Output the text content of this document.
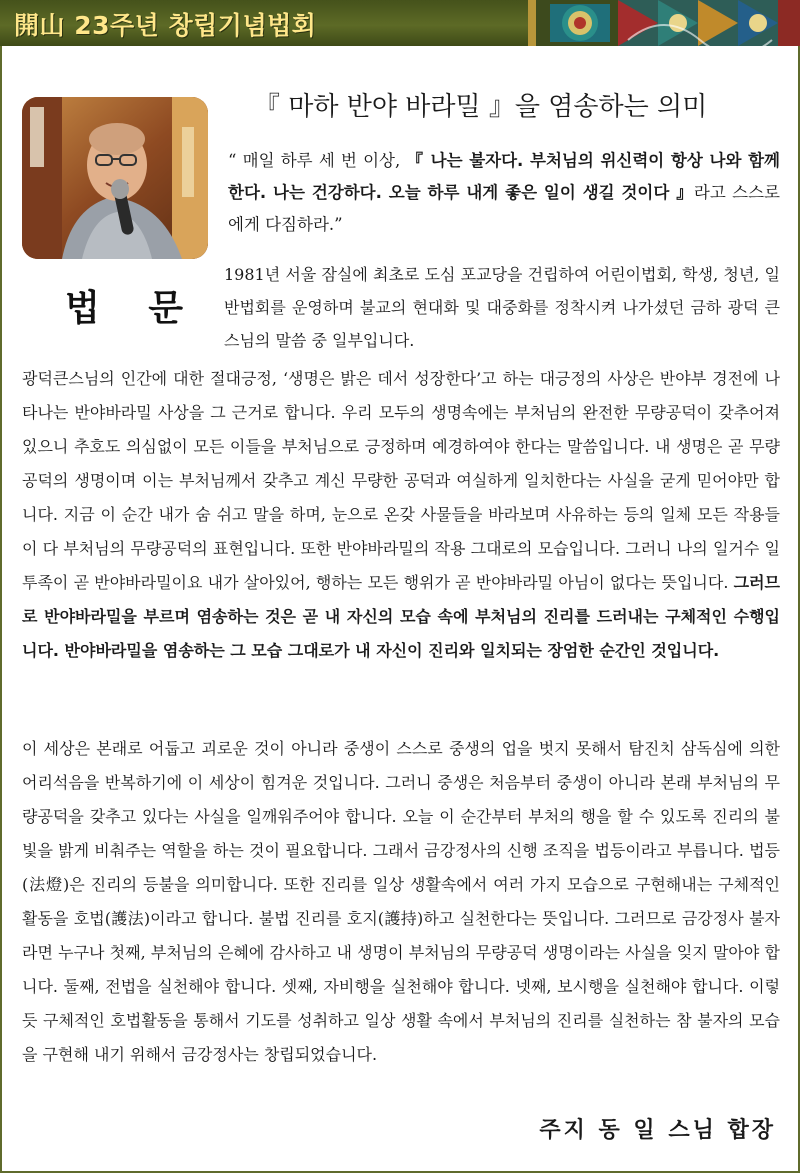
開山 23주년 창립기념법회
법 문
『 마하 반야 바라밀 』을 염송하는 의미
“ 매일 하루 세 번 이상, 『 나는 불자다. 부처님의 위신력이 항상 나와 함께 한다. 나는 건강하다. 오늘 하루 내게 좋은 일이 생길 것이다 』라고 스스로에게 다짐하라.”
1981년 서울 잠실에 최초로 도심 포교당을 건립하여 어린이법회, 학생, 청년, 일반법회를 운영하며 불교의 현대화 및 대중화를 정착시켜 나가셨던 금하 광덕 큰스님의 말씀 중 일부입니다.
광덕큰스님의 인간에 대한 절대긍정, ‘생명은 밝은 데서 성장한다’고 하는 대긍정의 사상은 반야부 경전에 나타나는 반야바라밀 사상을 그 근거로 합니다. 우리 모두의 생명속에는 부처님의 완전한 무량공덕이 갖추어져 있으니 추호도 의심없이 모든 이들을 부처님으로 긍정하며 예경하여야 한다는 말씀입니다. 내 생명은 곧 무량공덕의 생명이며 이는 부처님께서 갖추고 계신 무량한 공덕과 여실하게 일치한다는 사실을 굳게 믿어야만 합니다. 지금 이 순간 내가 숨 쉬고 말을 하며, 눈으로 온갖 사물들을 바라보며 사유하는 등의 일체 모든 작용들이 다 부처님의 무량공덕의 표현입니다. 또한 반야바라밀의 작용 그대로의 모습입니다. 그러니 나의 일거수 일투족이 곧 반야바라밀이요 내가 살아있어, 행하는 모든 행위가 곧 반야바라밀 아님이 없다는 뜻입니다. 그러므로 반야바라밀을 부르며 염송하는 것은 곧 내 자신의 모습 속에 부처님의 진리를 드러내는 구체적인 수행입니다. 반야바라밀을 염송하는 그 모습 그대로가 내 자신이 진리와 일치되는 장엄한 순간인 것입니다.
이 세상은 본래로 어둡고 괴로운 것이 아니라 중생이 스스로 중생의 업을 벗지 못해서 탐진치 삼독심에 의한 어리석음을 반복하기에 이 세상이 힘겨운 것입니다. 그러니 중생은 처음부터 중생이 아니라 본래 부처님의 무량공덕을 갖추고 있다는 사실을 일깨워주어야 합니다. 오늘 이 순간부터 부처의 행을 할 수 있도록 진리의 불빛을 밝게 비춰주는 역할을 하는 것이 필요합니다. 그래서 금강정사의 신행 조직을 법등이라고 부릅니다. 법등(法燈)은 진리의 등불을 의미합니다. 또한 진리를 일상 생활속에서 여러 가지 모습으로 구현해내는 구체적인 활동을 호법(護法)이라고 합니다. 불법 진리를 호지(護持)하고 실천한다는 뜻입니다. 그러므로 금강정사 불자라면 누구나 첫째, 부처님의 은혜에 감사하고 내 생명이 부처님의 무량공덕 생명이라는 사실을 잊지 말아야 합니다. 둘째, 전법을 실천해야 합니다. 셋째, 자비행을 실천해야 합니다. 넷째, 보시행을 실천해야 합니다. 이렇듯 구체적인 호법활동을 통해서 기도를 성취하고 일상 생활 속에서 부처님의 진리를 실천하는 참 불자의 모습을 구현해 내기 위해서 금강정사는 창립되었습니다.
주지 동 일 스님 합장
